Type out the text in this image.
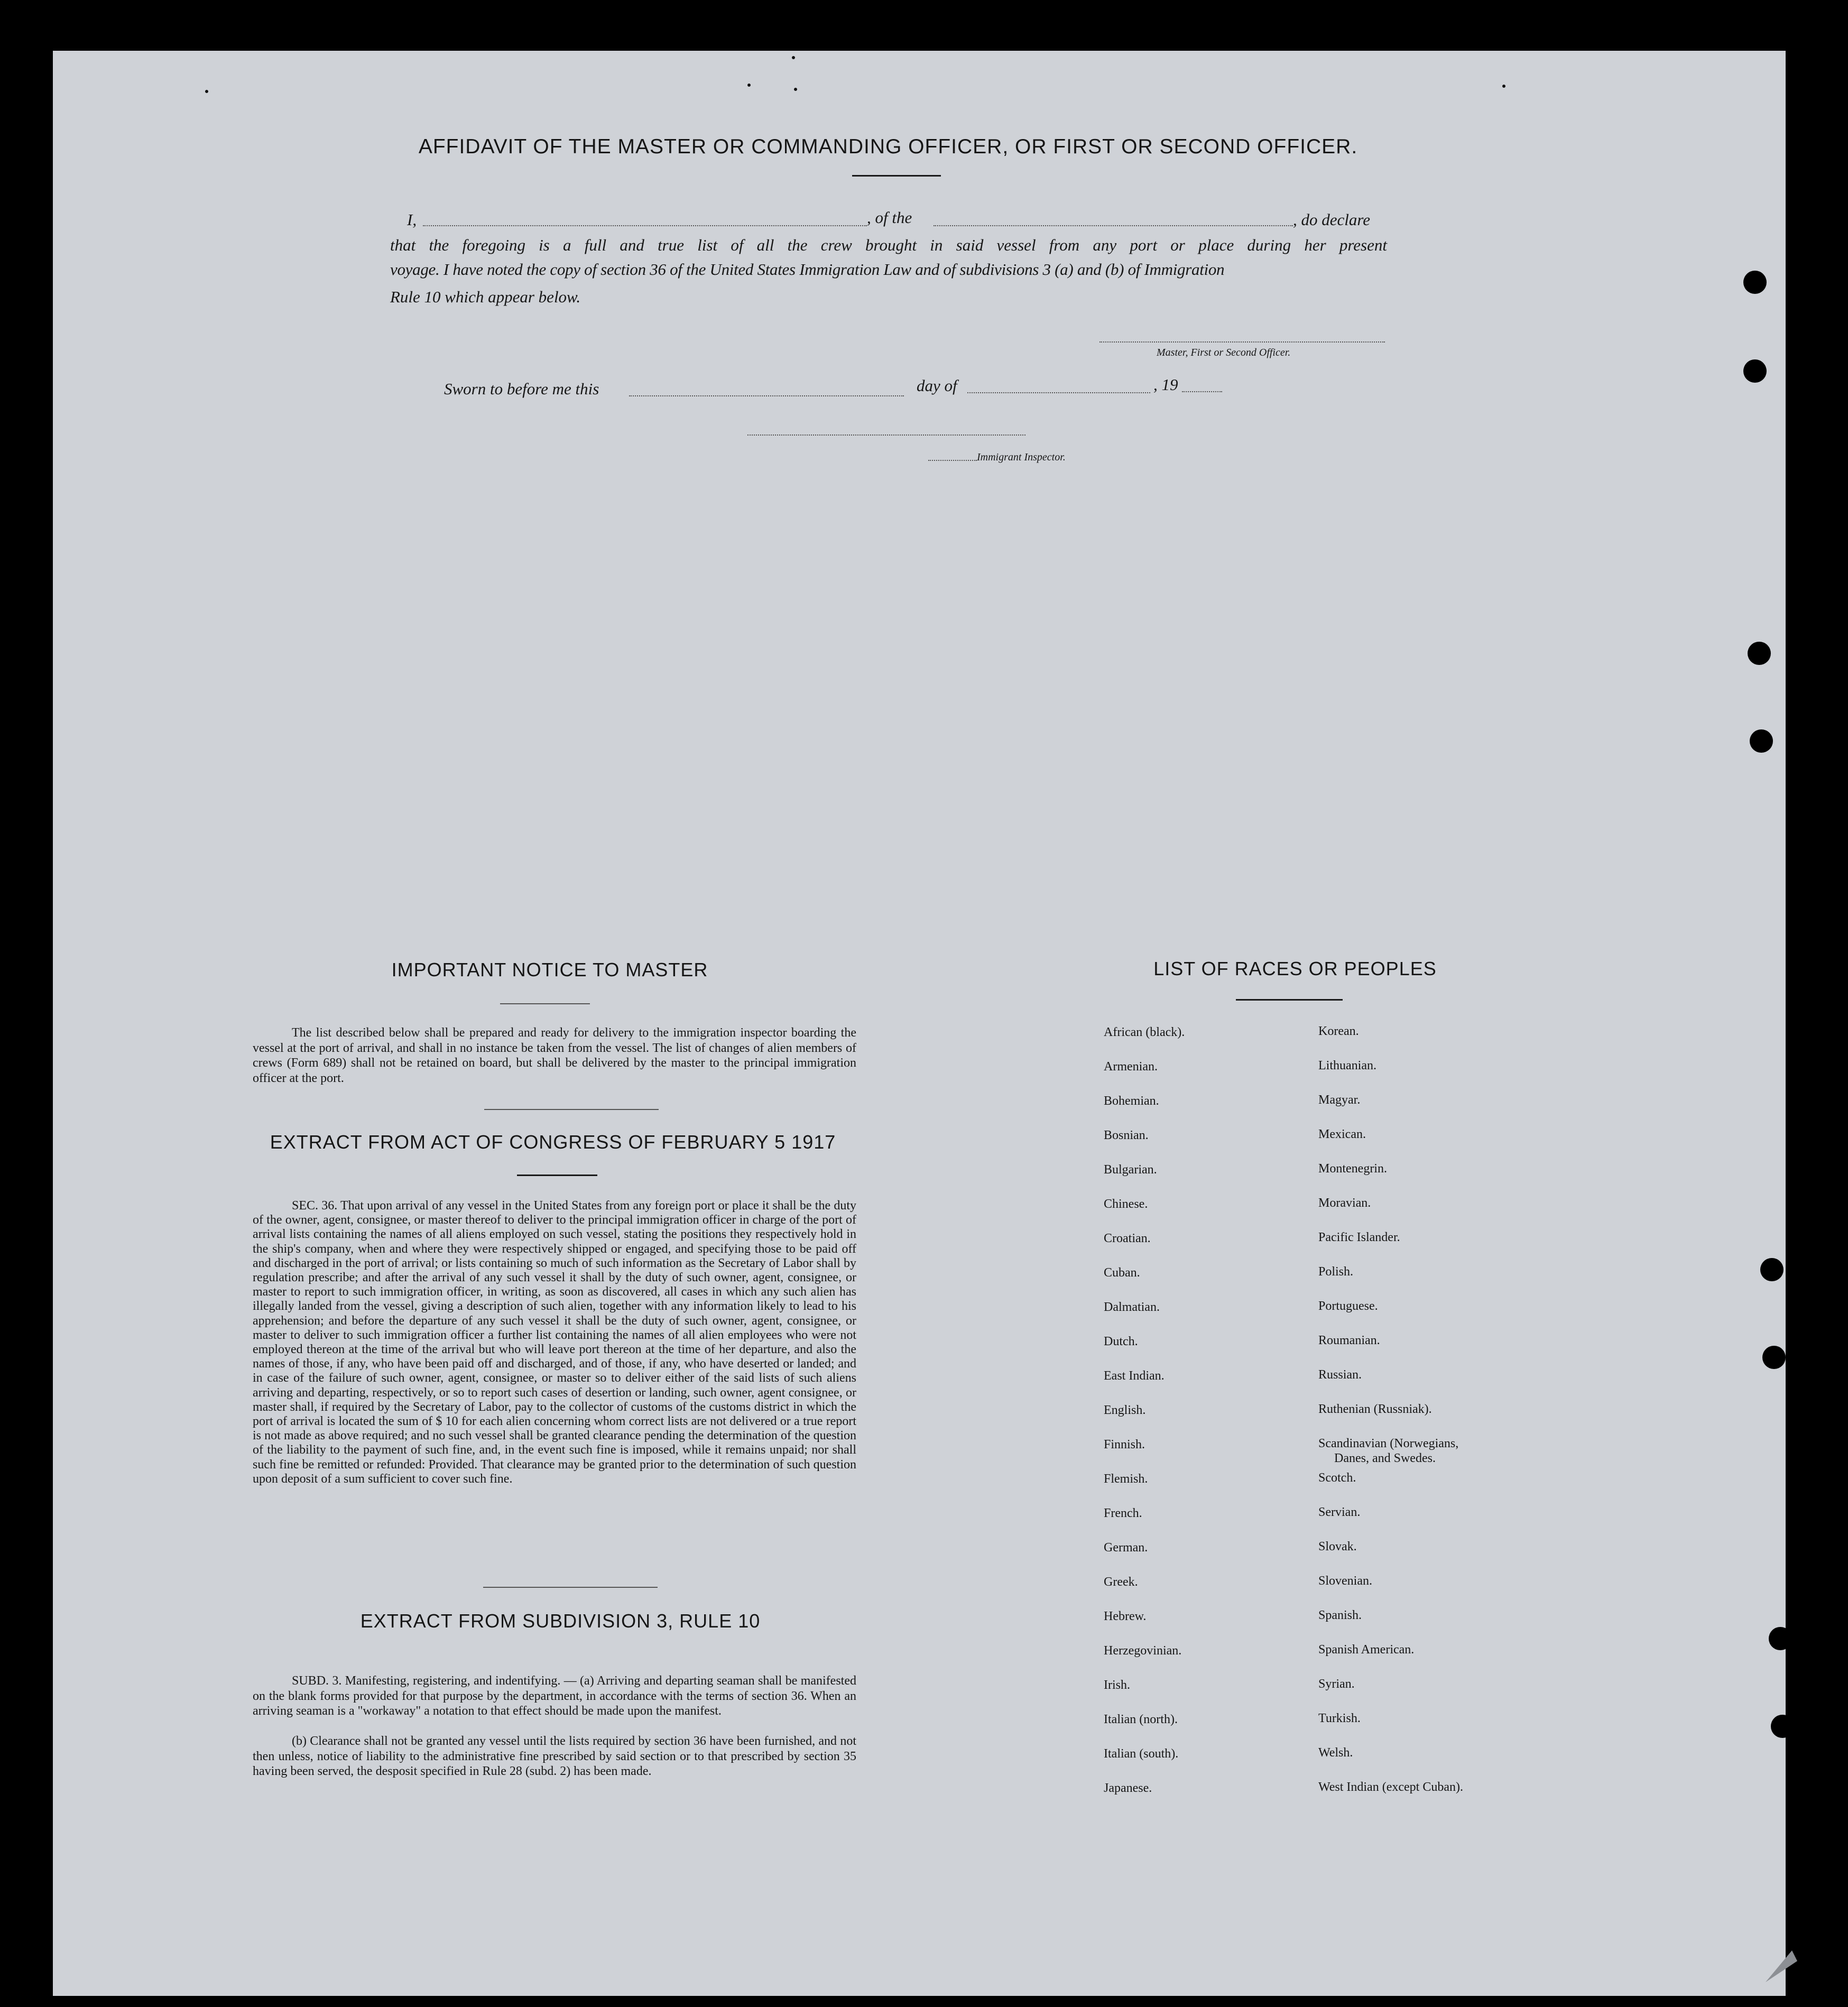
AFFIDAVIT OF THE MASTER OR COMMANDING OFFICER, OR FIRST OR SECOND OFFICER.
I,	, of the	, do declare
that the foregoing is a full and true list of all the crew brought in said vessel from any port or place during her present
voyage. I have noted the copy of section 36 of the United States Immigration Law and of subdivisions 3 (a) and (b) of Immigration
Rule 10 which appear below.
Master, First or Second Officer.
Sworn to before me this	day of	, 19
Immigrant Inspector.
IMPORTANT NOTICE TO MASTER
The list described below shall be prepared and ready for delivery to the immigration inspector boarding the vessel at the port of arrival, and shall in no instance be taken from the vessel. The list of changes of alien members of crews (Form 689) shall not be retained on board, but shall be delivered by the master to the principal immigration officer at the port.
EXTRACT FROM ACT OF CONGRESS OF FEBRUARY 5 1917
SEC. 36. That upon arrival of any vessel in the United States from any foreign port or place it shall be the duty of the owner, agent, consignee, or master thereof to deliver to the principal immigration officer in charge of the port of arrival lists containing the names of all aliens employed on such vessel, stating the positions they respectively hold in the ship's company, when and where they were respectively shipped or engaged, and specifying those to be paid off and discharged in the port of arrival; or lists containing so much of such information as the Secretary of Labor shall by regulation prescribe; and after the arrival of any such vessel it shall by the duty of such owner, agent, consignee, or master to report to such immigration officer, in writing, as soon as discovered, all cases in which any such alien has illegally landed from the vessel, giving a description of such alien, together with any information likely to lead to his apprehension; and before the departure of any such vessel it shall be the duty of such owner, agent, consignee, or master to deliver to such immigration officer a further list containing the names of all alien employees who were not employed thereon at the time of the arrival but who will leave port thereon at the time of her departure, and also the names of those, if any, who have been paid off and discharged, and of those, if any, who have deserted or landed; and in case of the failure of such owner, agent, consignee, or master so to deliver either of the said lists of such aliens arriving and departing, respectively, or so to report such cases of desertion or landing, such owner, agent consignee, or master shall, if required by the Secretary of Labor, pay to the collector of customs of the customs district in which the port of arrival is located the sum of $ 10 for each alien concerning whom correct lists are not delivered or a true report is not made as above required; and no such vessel shall be granted clearance pending the determination of the question of the liability to the payment of such fine, and, in the event such fine is imposed, while it remains unpaid; nor shall such fine be remitted or refunded: Provided. That clearance may be granted prior to the determination of such question upon deposit of a sum sufficient to cover such fine.
EXTRACT FROM SUBDIVISION 3, RULE 10
SUBD. 3. Manifesting, registering, and indentifying. — (a) Arriving and departing seaman shall be manifested on the blank forms provided for that purpose by the department, in accordance with the terms of section 36. When an arriving seaman is a "workaway" a notation to that effect should be made upon the manifest.
(b) Clearance shall not be granted any vessel until the lists required by section 36 have been furnished, and not then unless, notice of liability to the administrative fine prescribed by said section or to that prescribed by section 35 having been served, the desposit specified in Rule 28 (subd. 2) has been made.
LIST OF RACES OR PEOPLES
African (black).
Armenian.
Bohemian.
Bosnian.
Bulgarian.
Chinese.
Croatian.
Cuban.
Dalmatian.
Dutch.
East Indian.
English.
Finnish.
Flemish.
French.
German.
Greek.
Hebrew.
Herzegovinian.
Irish.
Italian (north).
Italian (south).
Japanese.
Korean.
Lithuanian.
Magyar.
Mexican.
Montenegrin.
Moravian.
Pacific Islander.
Polish.
Portuguese.
Roumanian.
Russian.
Ruthenian (Russniak).
Scandinavian (Norwegians,
Danes, and Swedes.
Scotch.
Servian.
Slovak.
Slovenian.
Spanish.
Spanish American.
Syrian.
Turkish.
Welsh.
West Indian (except Cuban).
